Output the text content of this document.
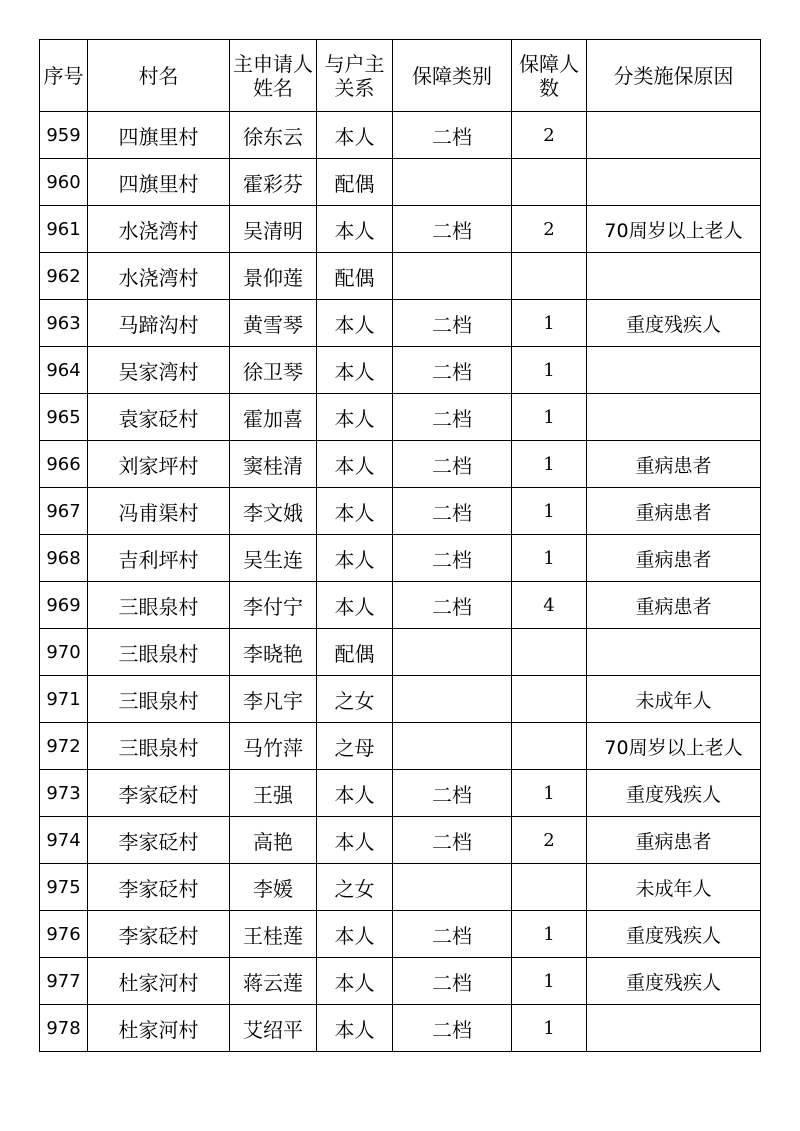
序号	村名	主申请人姓名	与户主关系	保障类别	保障人数	分类施保原因
959	四旗里村	徐东云	本人	二档	2	
960	四旗里村	霍彩芬	配偶			
961	水浇湾村	吴清明	本人	二档	2	70周岁以上老人
962	水浇湾村	景仰莲	配偶			
963	马蹄沟村	黄雪琴	本人	二档	1	重度残疾人
964	吴家湾村	徐卫琴	本人	二档	1	
965	袁家砭村	霍加喜	本人	二档	1	
966	刘家坪村	窦桂清	本人	二档	1	重病患者
967	冯甫渠村	李文娥	本人	二档	1	重病患者
968	吉利坪村	吴生连	本人	二档	1	重病患者
969	三眼泉村	李付宁	本人	二档	4	重病患者
970	三眼泉村	李晓艳	配偶			
971	三眼泉村	李凡宇	之女			未成年人
972	三眼泉村	马竹萍	之母			70周岁以上老人
973	李家砭村	王强	本人	二档	1	重度残疾人
974	李家砭村	高艳	本人	二档	2	重病患者
975	李家砭村	李媛	之女			未成年人
976	李家砭村	王桂莲	本人	二档	1	重度残疾人
977	杜家河村	蒋云莲	本人	二档	1	重度残疾人
978	杜家河村	艾绍平	本人	二档	1	
